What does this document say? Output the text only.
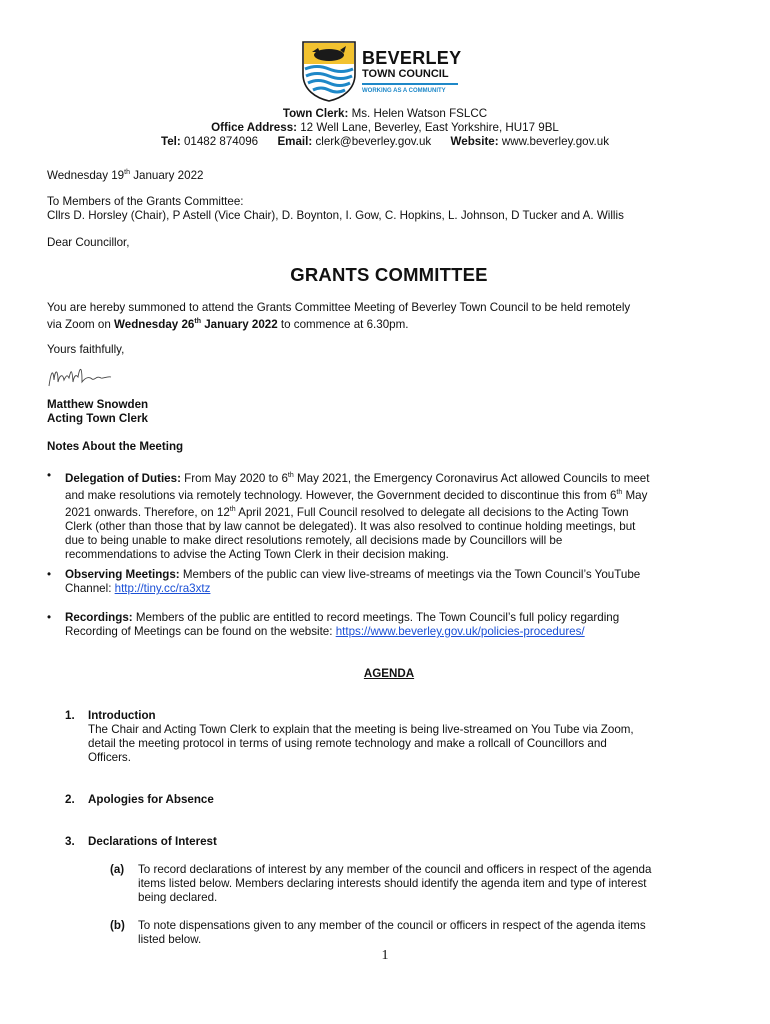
BEVERLEY
TOWN COUNCIL
WORKING AS A COMMUNITY
Town Clerk: Ms. Helen Watson FSLCC
Office Address: 12 Well Lane, Beverley, East Yorkshire, HU17 9BL
Tel: 01482 874096 Email: clerk@beverley.gov.uk Website: www.beverley.gov.uk
Wednesday 19th January 2022
To Members of the Grants Committee:
Cllrs D. Horsley (Chair), P Astell (Vice Chair), D. Boynton, I. Gow, C. Hopkins, L. Johnson, D Tucker and A. Willis
Dear Councillor,
GRANTS COMMITTEE
You are hereby summoned to attend the Grants Committee Meeting of Beverley Town Council to be held remotely
via Zoom on Wednesday 26th January 2022 to commence at 6.30pm.
Yours faithfully,
Matthew Snowden
Acting Town Clerk
Notes About the Meeting
• Delegation of Duties: From May 2020 to 6th May 2021, the Emergency Coronavirus Act allowed Councils to meet
and make resolutions via remotely technology. However, the Government decided to discontinue this from 6th May
2021 onwards. Therefore, on 12th April 2021, Full Council resolved to delegate all decisions to the Acting Town
Clerk (other than those that by law cannot be delegated). It was also resolved to continue holding meetings, but
due to being unable to make direct resolutions remotely, all decisions made by Councillors will be
recommendations to advise the Acting Town Clerk in their decision making.
• Observing Meetings: Members of the public can view live-streams of meetings via the Town Council’s YouTube
Channel: http://tiny.cc/ra3xtz
• Recordings: Members of the public are entitled to record meetings. The Town Council’s full policy regarding
Recording of Meetings can be found on the website: https://www.beverley.gov.uk/policies-procedures/
AGENDA
1. Introduction
The Chair and Acting Town Clerk to explain that the meeting is being live-streamed on You Tube via Zoom,
detail the meeting protocol in terms of using remote technology and make a rollcall of Councillors and
Officers.
2. Apologies for Absence
3. Declarations of Interest
(a) To record declarations of interest by any member of the council and officers in respect of the agenda
items listed below. Members declaring interests should identify the agenda item and type of interest
being declared.
(b) To note dispensations given to any member of the council or officers in respect of the agenda items
listed below.
1
